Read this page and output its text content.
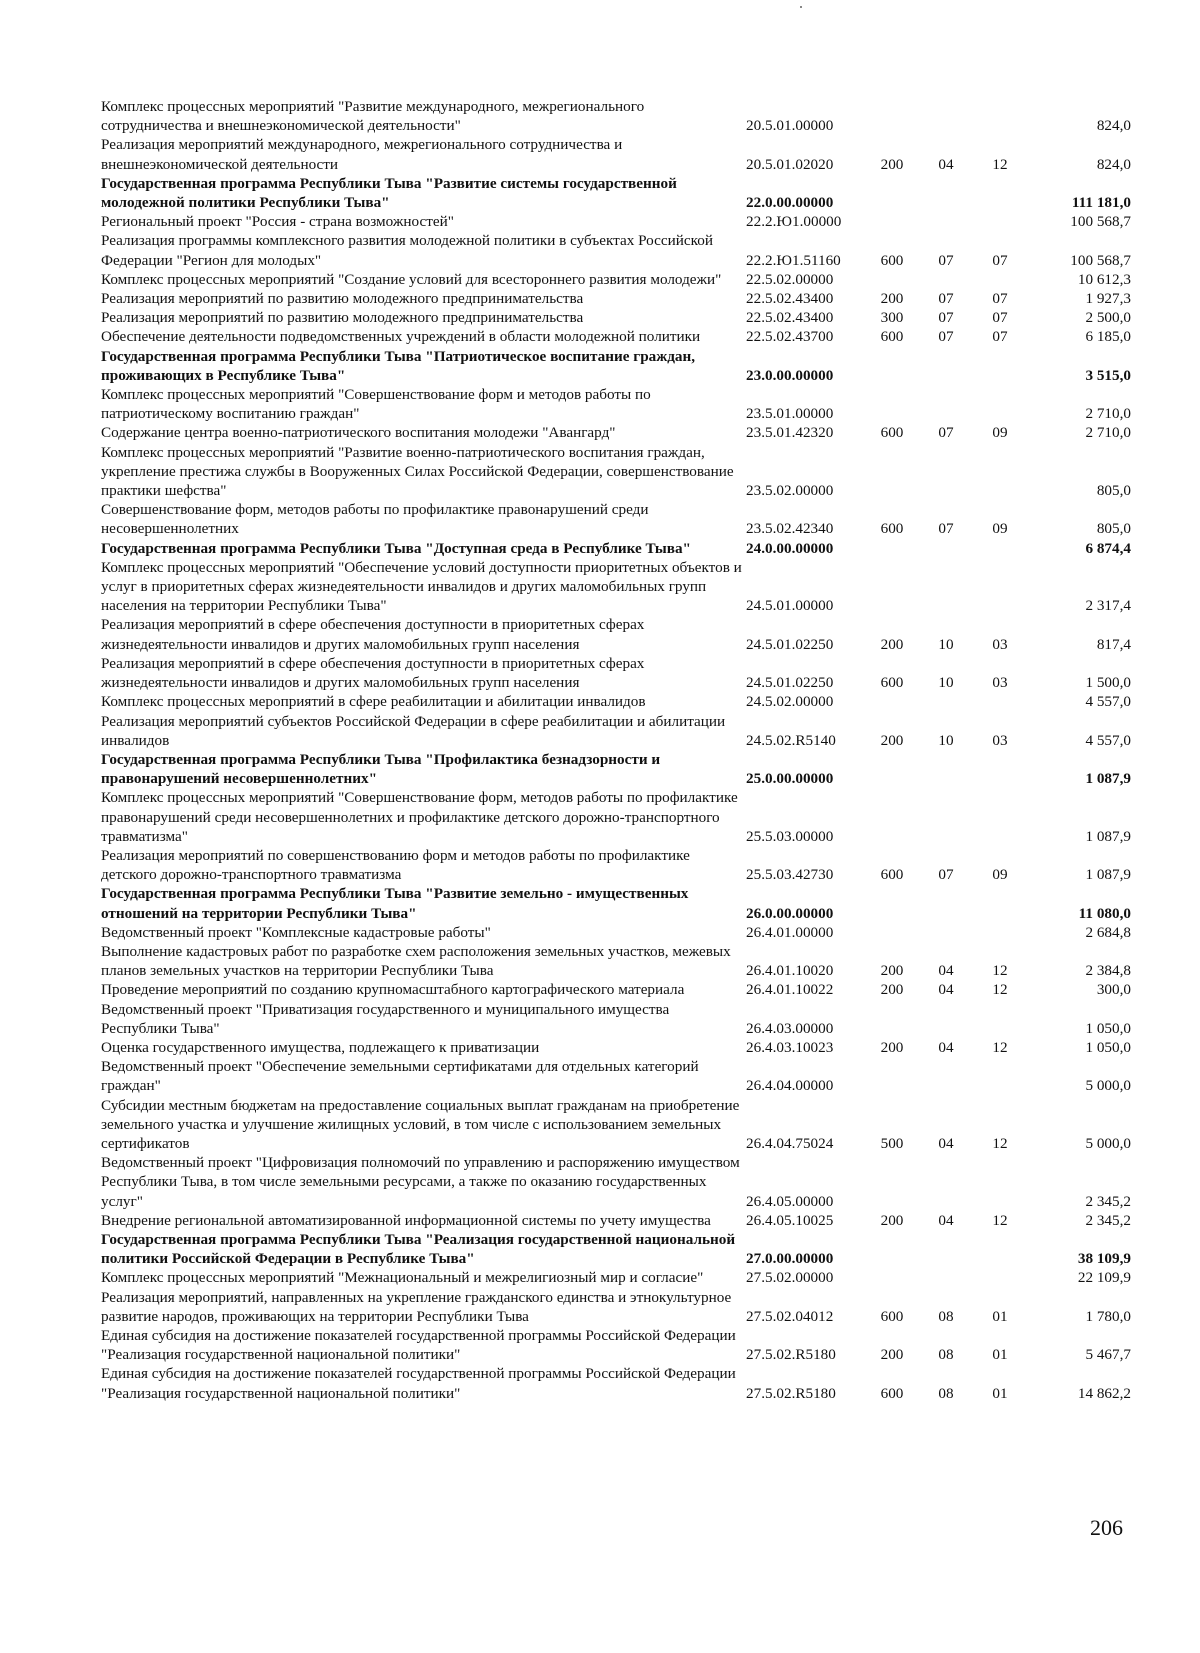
Комплекс процессных мероприятий "Развитие международного, межрегионального сотрудничества и внешнеэкономической деятельности"	20.5.01.00000				824,0
Реализация мероприятий международного, межрегионального сотрудничества и внешнеэкономической деятельности	20.5.01.02020	200	04	12	824,0
Государственная программа Республики Тыва "Развитие системы государственной молодежной политики Республики Тыва"	22.0.00.00000				111 181,0
Региональный проект "Россия - страна возможностей"	22.2.Ю1.00000				100 568,7
Реализация программы комплексного развития молодежной политики в субъектах Российской Федерации "Регион для молодых"	22.2.Ю1.51160	600	07	07	100 568,7
Комплекс процессных мероприятий "Создание условий для всестороннего развития молодежи"	22.5.02.00000				10 612,3
Реализация мероприятий по развитию молодежного предпринимательства	22.5.02.43400	200	07	07	1 927,3
Реализация мероприятий по развитию молодежного предпринимательства	22.5.02.43400	300	07	07	2 500,0
Обеспечение деятельности подведомственных учреждений в области молодежной политики	22.5.02.43700	600	07	07	6 185,0
Государственная программа Республики Тыва "Патриотическое воспитание граждан, проживающих в Республике Тыва"	23.0.00.00000				3 515,0
Комплекс процессных мероприятий "Совершенствование форм и методов работы по патриотическому воспитанию граждан"	23.5.01.00000				2 710,0
Содержание центра военно-патриотического воспитания молодежи "Авангард"	23.5.01.42320	600	07	09	2 710,0
Комплекс процессных мероприятий "Развитие военно-патриотического воспитания граждан, укрепление престижа службы в Вооруженных Силах Российской Федерации, совершенствование практики шефства"	23.5.02.00000				805,0
Совершенствование форм, методов работы по профилактике правонарушений среди несовершеннолетних	23.5.02.42340	600	07	09	805,0
Государственная программа Республики Тыва "Доступная среда в Республике Тыва"	24.0.00.00000				6 874,4
Комплекс процессных мероприятий "Обеспечение условий доступности приоритетных объектов и услуг в приоритетных сферах жизнедеятельности инвалидов и других маломобильных групп населения на территории Республики Тыва"	24.5.01.00000				2 317,4
Реализация мероприятий в сфере обеспечения доступности в приоритетных сферах жизнедеятельности инвалидов и других маломобильных групп населения	24.5.01.02250	200	10	03	817,4
Реализация мероприятий в сфере обеспечения доступности в приоритетных сферах жизнедеятельности инвалидов и других маломобильных групп населения	24.5.01.02250	600	10	03	1 500,0
Комплекс процессных мероприятий в сфере реабилитации и абилитации инвалидов	24.5.02.00000				4 557,0
Реализация мероприятий субъектов Российской Федерации в сфере реабилитации и абилитации инвалидов	24.5.02.R5140	200	10	03	4 557,0
Государственная программа Республики Тыва "Профилактика безнадзорности и правонарушений несовершеннолетних"	25.0.00.00000				1 087,9
Комплекс процессных мероприятий "Совершенствование форм, методов работы по профилактике правонарушений среди несовершеннолетних и профилактике детского дорожно-транспортного травматизма"	25.5.03.00000				1 087,9
Реализация мероприятий по совершенствованию форм и методов работы по профилактике детского дорожно-транспортного травматизма	25.5.03.42730	600	07	09	1 087,9
Государственная программа Республики Тыва "Развитие земельно - имущественных отношений на территории Республики Тыва"	26.0.00.00000				11 080,0
Ведомственный проект "Комплексные кадастровые работы"	26.4.01.00000				2 684,8
Выполнение кадастровых работ по разработке схем расположения земельных участков, межевых планов земельных участков на территории Республики Тыва	26.4.01.10020	200	04	12	2 384,8
Проведение мероприятий по созданию крупномасштабного картографического материала	26.4.01.10022	200	04	12	300,0
Ведомственный проект "Приватизация государственного и муниципального имущества Республики Тыва"	26.4.03.00000				1 050,0
Оценка государственного имущества, подлежащего к приватизации	26.4.03.10023	200	04	12	1 050,0
Ведомственный проект "Обеспечение земельными сертификатами для отдельных категорий граждан"	26.4.04.00000				5 000,0
Субсидии местным бюджетам на предоставление социальных выплат гражданам на приобретение земельного участка и улучшение жилищных условий, в том числе с использованием земельных сертификатов	26.4.04.75024	500	04	12	5 000,0
Ведомственный проект "Цифровизация полномочий по управлению и распоряжению имуществом Республики Тыва, в том числе земельными ресурсами, а также по оказанию государственных услуг"	26.4.05.00000				2 345,2
Внедрение региональной автоматизированной информационной системы по учету имущества	26.4.05.10025	200	04	12	2 345,2
Государственная программа Республики Тыва "Реализация государственной национальной политики Российской Федерации в Республике Тыва"	27.0.00.00000				38 109,9
Комплекс процессных мероприятий "Межнациональный и межрелигиозный мир и согласие"	27.5.02.00000				22 109,9
Реализация мероприятий, направленных на укрепление гражданского единства и этнокультурное развитие народов, проживающих на территории Республики Тыва	27.5.02.04012	600	08	01	1 780,0
Единая субсидия на достижение показателей государственной программы Российской Федерации "Реализация государственной национальной политики"	27.5.02.R5180	200	08	01	5 467,7
Единая субсидия на достижение показателей государственной программы Российской Федерации "Реализация государственной национальной политики"	27.5.02.R5180	600	08	01	14 862,2
206
